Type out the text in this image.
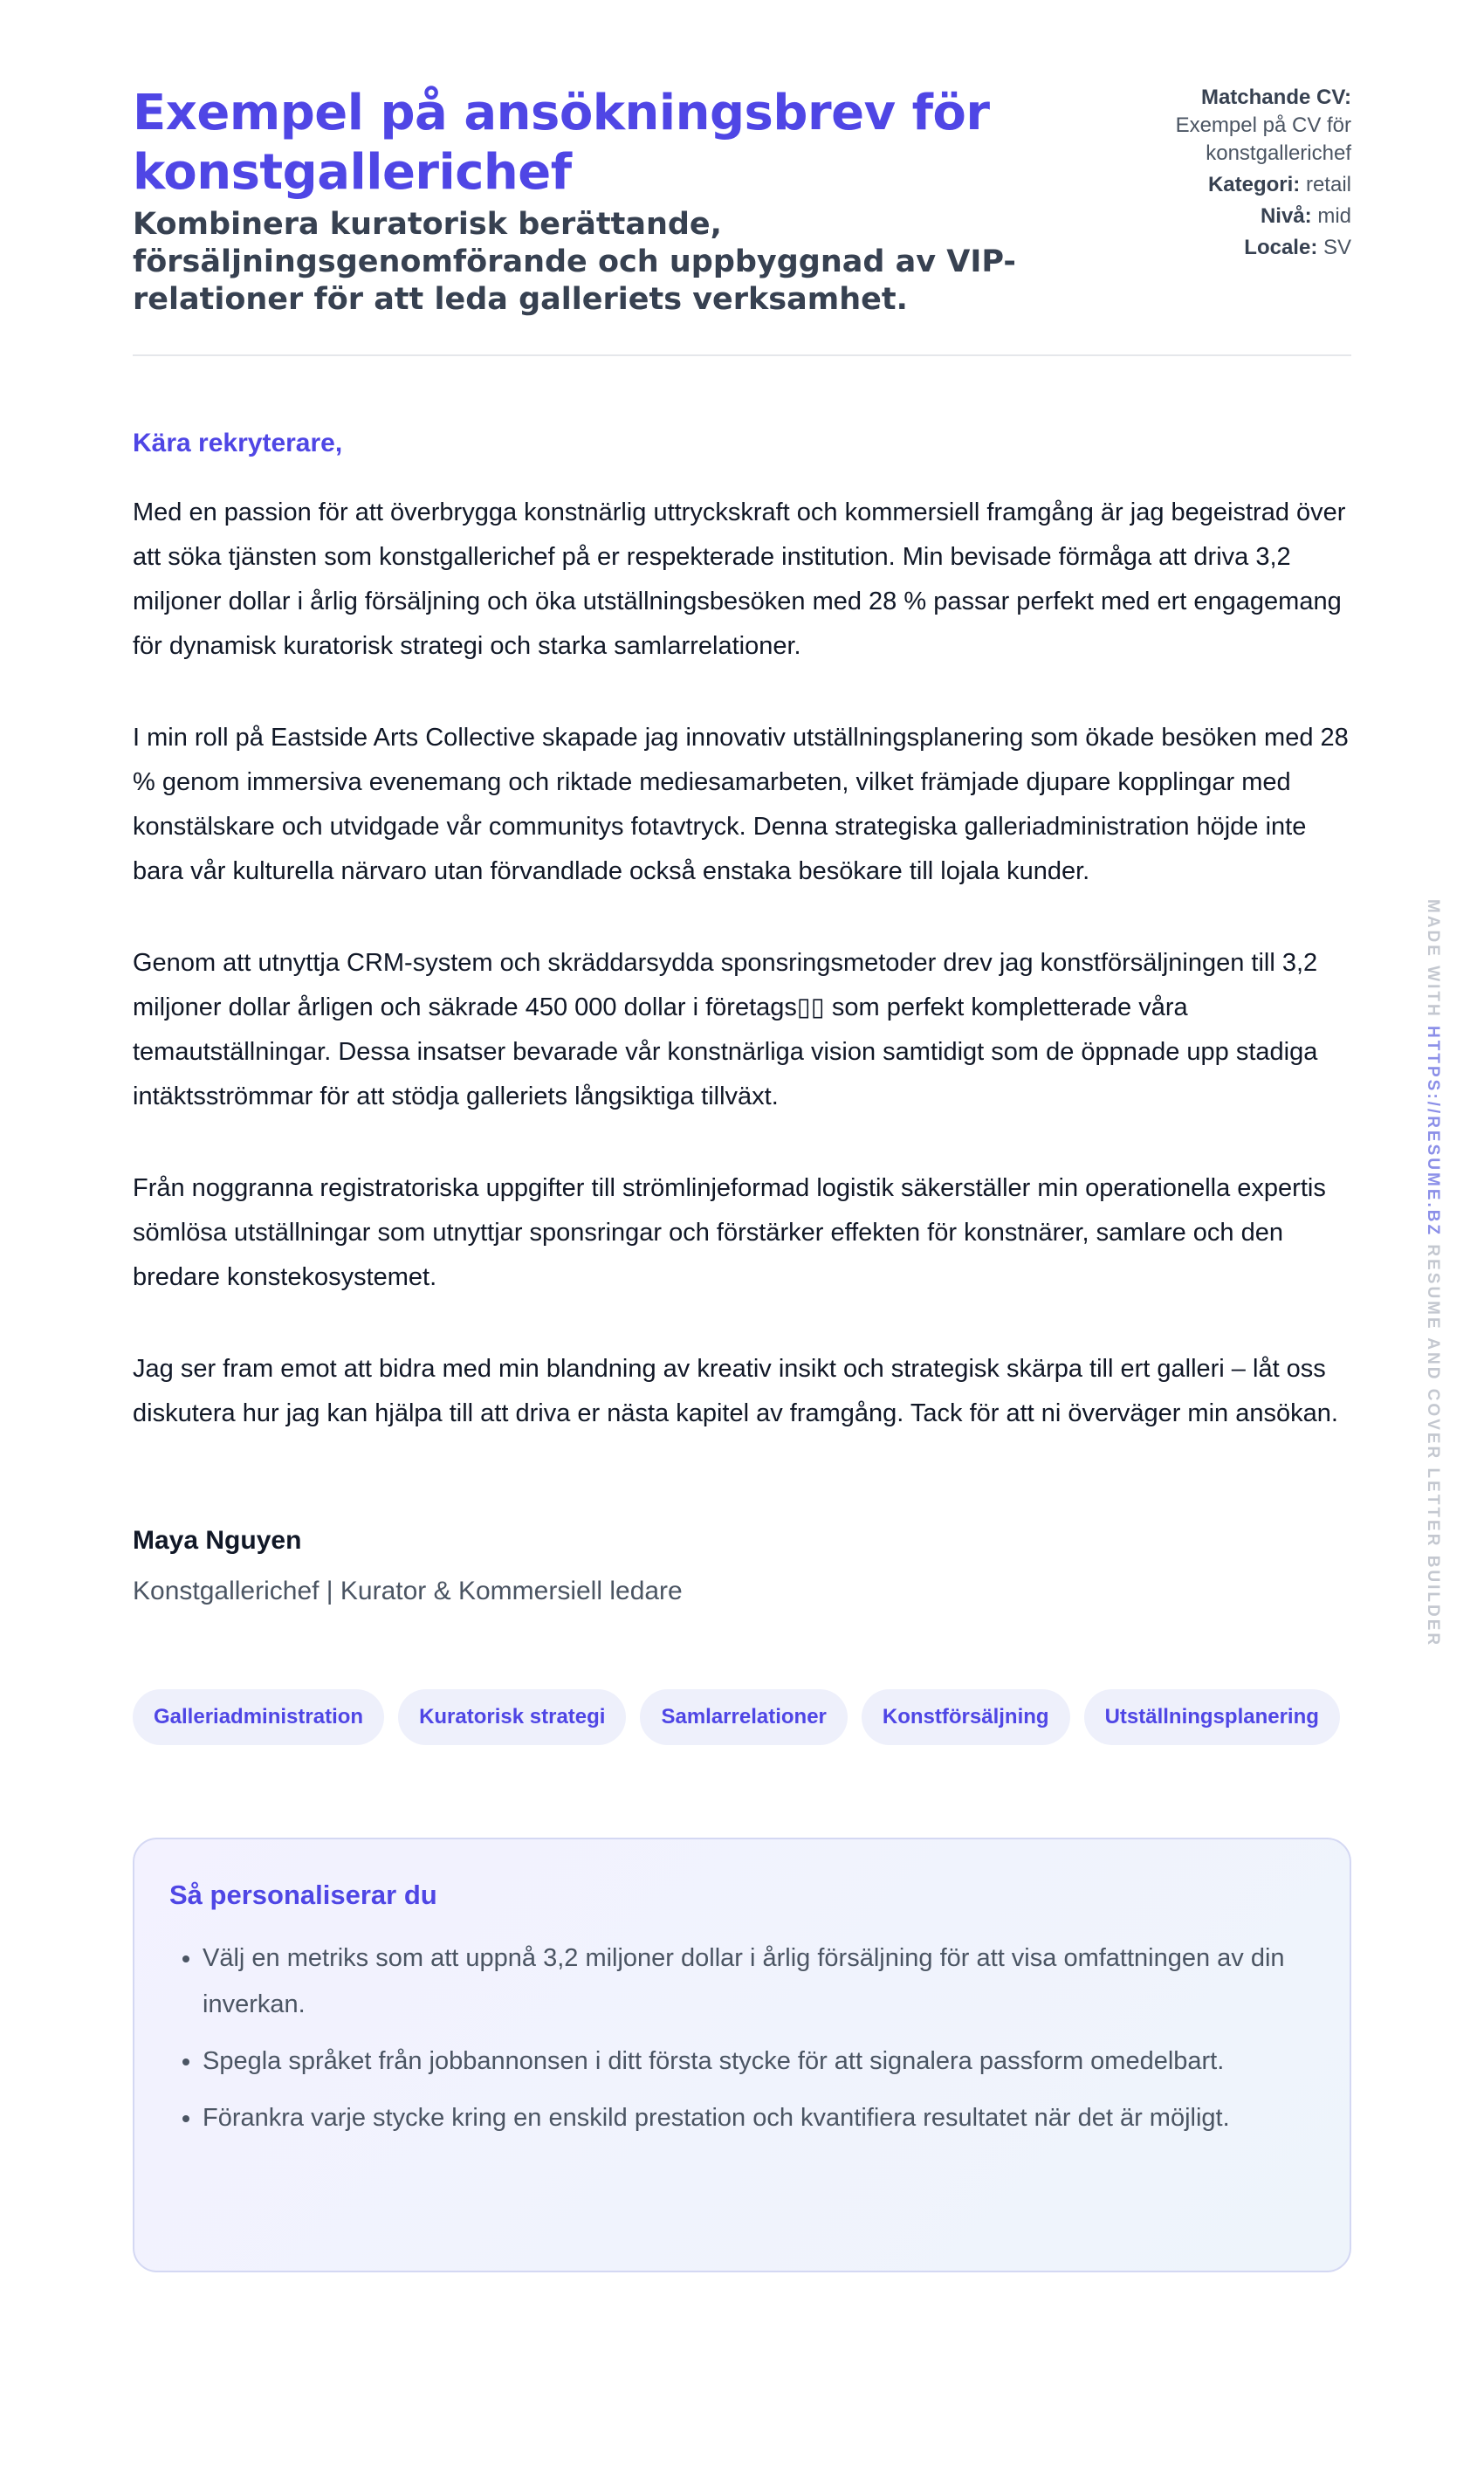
Exempel på ansökningsbrev för konstgallerichef
Kombinera kuratorisk berättande, försäljningsgenomförande och uppbyggnad av VIP-relationer för att leda galleriets verksamhet.
Matchande CV:
Exempel på CV för konstgallerichef
Kategori: retail
Nivå: mid
Locale: SV

Kära rekryterare,

Med en passion för att överbrygga konstnärlig uttryckskraft och kommersiell framgång är jag begeistrad över att söka tjänsten som konstgallerichef på er respekterade institution. Min bevisade förmåga att driva 3,2 miljoner dollar i årlig försäljning och öka utställningsbesöken med 28 % passar perfekt med ert engagemang för dynamisk kuratorisk strategi och starka samlarrelationer.

I min roll på Eastside Arts Collective skapade jag innovativ utställningsplanering som ökade besöken med 28 % genom immersiva evenemang och riktade mediesamarbeten, vilket främjade djupare kopplingar med konstälskare och utvidgade vår communitys fotavtryck. Denna strategiska galleriadministration höjde inte bara vår kulturella närvaro utan förvandlade också enstaka besökare till lojala kunder.

Genom att utnyttja CRM-system och skräddarsydda sponsringsmetoder drev jag konstförsäljningen till 3,2 miljoner dollar årligen och säkrade 450 000 dollar i företags▯▯ som perfekt kompletterade våra temautställningar. Dessa insatser bevarade vår konstnärliga vision samtidigt som de öppnade upp stadiga intäktsströmmar för att stödja galleriets långsiktiga tillväxt.

Från noggranna registratoriska uppgifter till strömlinjeformad logistik säkerställer min operationella expertis sömlösa utställningar som utnyttjar sponsringar och förstärker effekten för konstnärer, samlare och den bredare konstekosystemet.

Jag ser fram emot att bidra med min blandning av kreativ insikt och strategisk skärpa till ert galleri – låt oss diskutera hur jag kan hjälpa till att driva er nästa kapitel av framgång. Tack för att ni överväger min ansökan.

Maya Nguyen
Konstgallerichef | Kurator & Kommersiell ledare
Galleriadministration	Kuratorisk strategi	Samlarrelationer	Konstförsäljning	Utställningsplanering
Så personaliserar du
• Välj en metriks som att uppnå 3,2 miljoner dollar i årlig försäljning för att visa omfattningen av din inverkan.
• Spegla språket från jobbannonsen i ditt första stycke för att signalera passform omedelbart.
• Förankra varje stycke kring en enskild prestation och kvantifiera resultatet när det är möjligt.
MADE WITH HTTPS://RESUME.BZ RESUME AND COVER LETTER BUILDER
